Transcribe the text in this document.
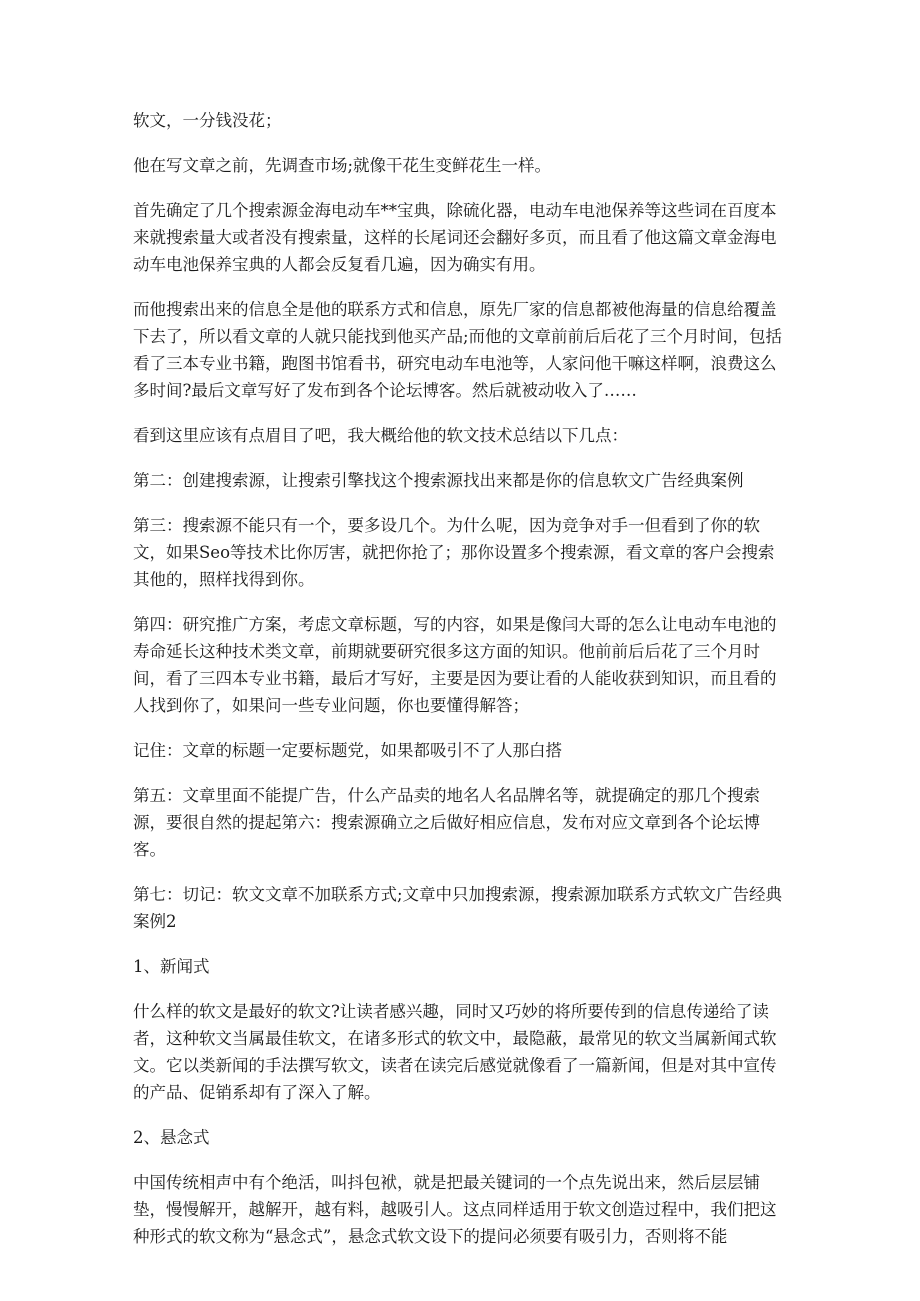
软文，一分钱没花；

他在写文章之前，先调查市场;就像干花生变鲜花生一样。

首先确定了几个搜索源金海电动车**宝典，除硫化器，电动车电池保养等这些词在百度本来就搜索量大或者没有搜索量，这样的长尾词还会翻好多页，而且看了他这篇文章金海电动车电池保养宝典的人都会反复看几遍，因为确实有用。

而他搜索出来的信息全是他的联系方式和信息，原先厂家的信息都被他海量的信息给覆盖下去了，所以看文章的人就只能找到他买产品;而他的文章前前后后花了三个月时间，包括看了三本专业书籍，跑图书馆看书，研究电动车电池等，人家问他干嘛这样啊，浪费这么多时间?最后文章写好了发布到各个论坛博客。然后就被动收入了……

看到这里应该有点眉目了吧，我大概给他的软文技术总结以下几点：

第二：创建搜索源，让搜索引擎找这个搜索源找出来都是你的信息软文广告经典案例

第三：搜索源不能只有一个，要多设几个。为什么呢，因为竞争对手一但看到了你的软文，如果Seo等技术比你厉害，就把你抢了；那你设置多个搜索源，看文章的客户会搜索其他的，照样找得到你。

第四：研究推广方案，考虑文章标题，写的内容，如果是像闫大哥的怎么让电动车电池的寿命延长这种技术类文章，前期就要研究很多这方面的知识。他前前后后花了三个月时间，看了三四本专业书籍，最后才写好，主要是因为要让看的人能收获到知识，而且看的人找到你了，如果问一些专业问题，你也要懂得解答；

记住：文章的标题一定要标题党，如果都吸引不了人那白搭

第五：文章里面不能提广告，什么产品卖的地名人名品牌名等，就提确定的那几个搜索源，要很自然的提起第六：搜索源确立之后做好相应信息，发布对应文章到各个论坛博客。

第七：切记：软文文章不加联系方式;文章中只加搜索源，搜索源加联系方式软文广告经典案例2

1、新闻式

什么样的软文是最好的软文?让读者感兴趣，同时又巧妙的将所要传到的信息传递给了读者，这种软文当属最佳软文，在诸多形式的软文中，最隐蔽，最常见的软文当属新闻式软文。它以类新闻的手法撰写软文，读者在读完后感觉就像看了一篇新闻，但是对其中宣传的产品、促销系却有了深入了解。

2、悬念式

中国传统相声中有个绝活，叫抖包袱，就是把最关键词的一个点先说出来，然后层层铺垫，慢慢解开，越解开，越有料，越吸引人。这点同样适用于软文创造过程中，我们把这种形式的软文称为“悬念式”，悬念式软文设下的提问必须要有吸引力，否则将不能
